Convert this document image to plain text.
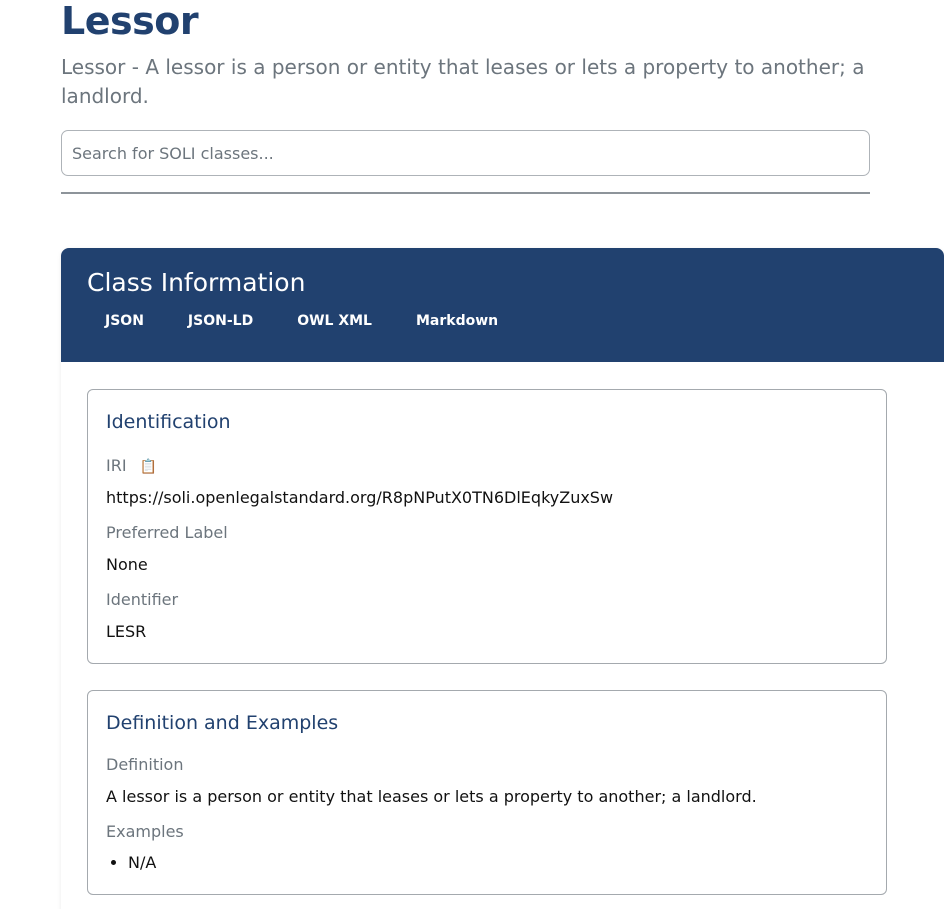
Lessor

Lessor - A lessor is a person or entity that leases or lets a property to another; a landlord.

Search for SOLI classes...
Class Information
JSON	JSON-LD	OWL XML	Markdown
Identification
IRI 📋
https://soli.openlegalstandard.org/R8pNPutX0TN6DlEqkyZuxSw
Preferred Label
None
Identifier
LESR
Definition and Examples
Definition
A lessor is a person or entity that leases or lets a property to another; a landlord.
Examples
• N/A
